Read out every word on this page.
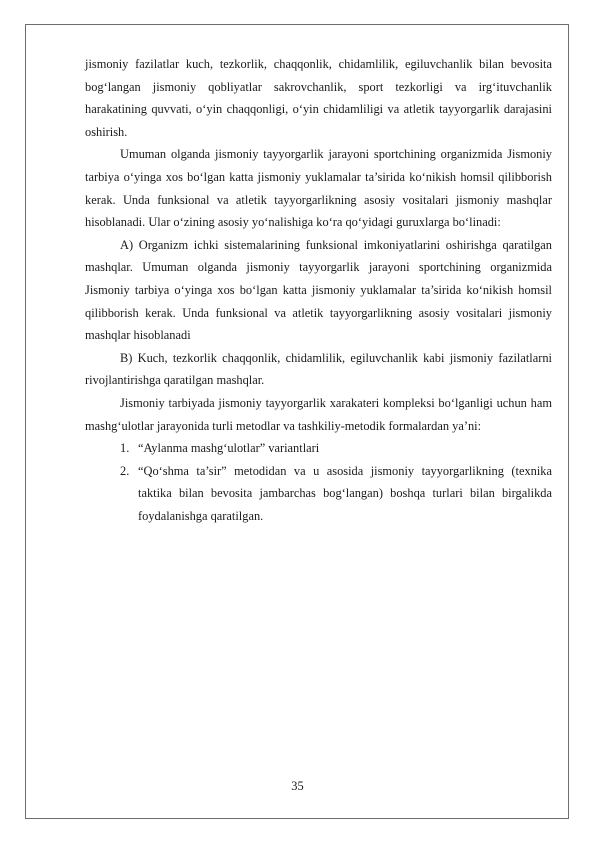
jismoniy fazilatlar kuch, tezkorlik, chaqqonlik, chidamlilik, egiluvchanlik bilan bevosita bog‘langan jismoniy qobliyatlar sakrovchanlik, sport tezkorligi va irg‘ituvchanlik harakatining quvvati, o‘yin chaqqonligi, o‘yin chidamliligi va atletik tayyorgarlik darajasini oshirish.

Umuman olganda jismoniy tayyorgarlik jarayoni sportchining organizmida Jismoniy tarbiya o‘yinga xos bo‘lgan katta jismoniy yuklamalar ta’sirida ko‘nikish homsil qilibborish kerak. Unda funksional va atletik tayyorgarlikning asosiy vositalari jismoniy mashqlar hisoblanadi. Ular o‘zining asosiy yo‘nalishiga ko‘ra qo‘yidagi guruxlarga bo‘linadi:

A) Organizm ichki sistemalarining funksional imkoniyatlarini oshirishga qaratilgan mashqlar. Umuman olganda jismoniy tayyorgarlik jarayoni sportchining organizmida Jismoniy tarbiya o‘yinga xos bo‘lgan katta jismoniy yuklamalar ta’sirida ko‘nikish homsil qilibborish kerak. Unda funksional va atletik tayyorgarlikning asosiy vositalari jismoniy mashqlar hisoblanadi

B) Kuch, tezkorlik chaqqonlik, chidamlilik, egiluvchanlik kabi jismoniy fazilatlarni rivojlantirishga qaratilgan mashqlar.

Jismoniy tarbiyada jismoniy tayyorgarlik xarakateri kompleksi bo‘lganligi uchun ham mashg‘ulotlar jarayonida turli metodlar va tashkiliy-metodik formalardan ya’ni:

1. “Aylanma mashg‘ulotlar” variantlari
2. “Qo‘shma ta’sir” metodidan va u asosida jismoniy tayyorgarlikning (texnika taktika bilan bevosita jambarchas bog‘langan) boshqa turlari bilan birgalikda foydalanishga qaratilgan.
35
